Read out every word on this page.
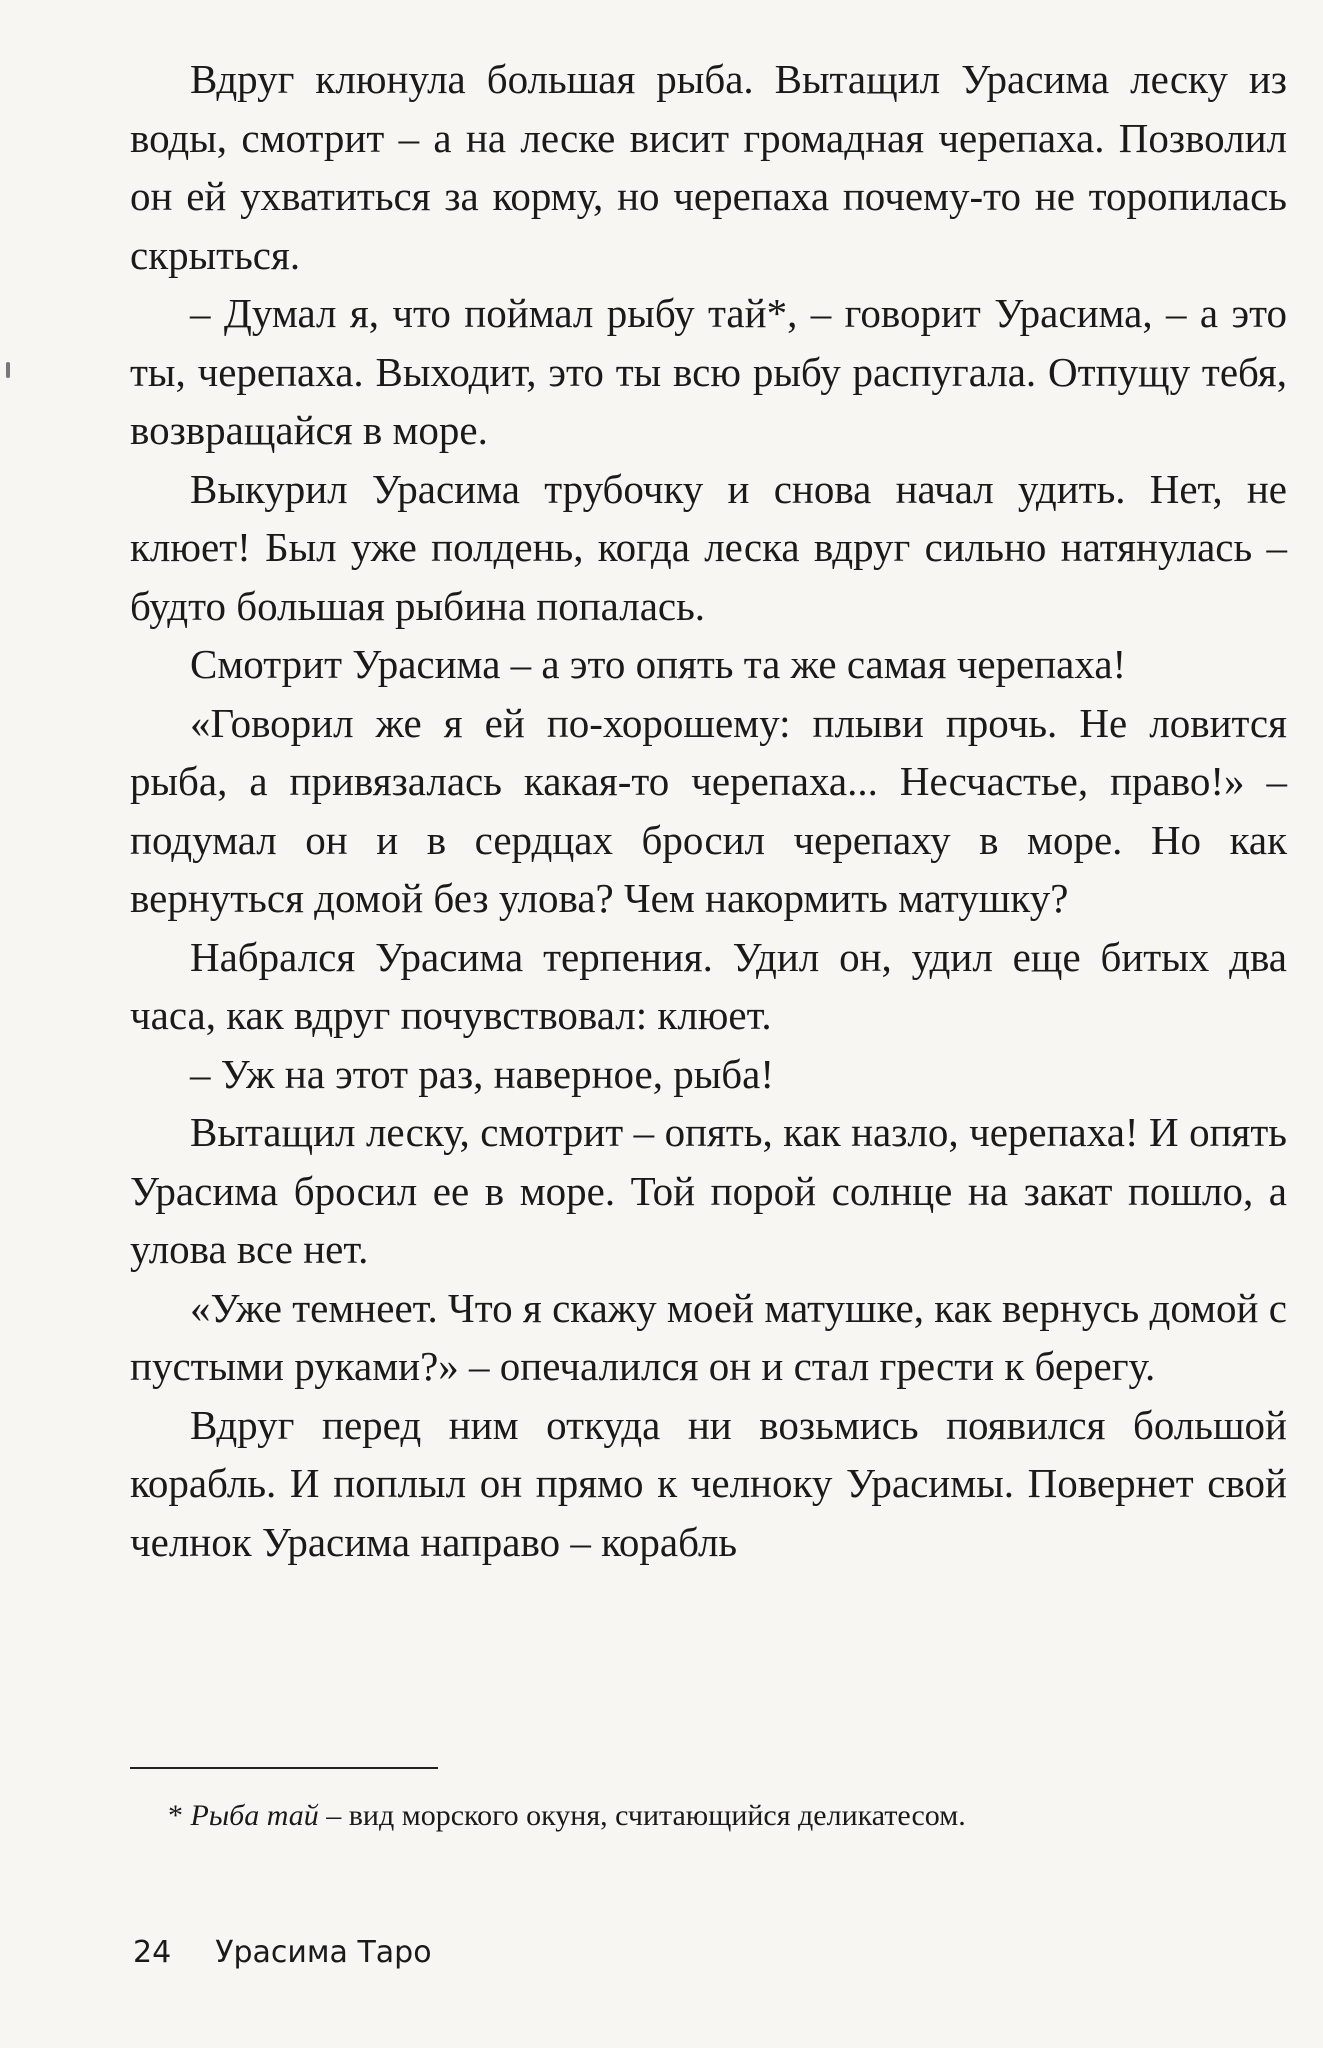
Вдруг клюнула большая рыба. Вытащил Урасима леску из воды, смотрит – а на леске висит громадная черепаха. Позволил он ей ухватиться за корму, но черепаха почему-то не торопилась скрыться.

– Думал я, что поймал рыбу тай*, – говорит Урасима, – а это ты, черепаха. Выходит, это ты всю рыбу распугала. Отпущу тебя, возвращайся в море.

Выкурил Урасима трубочку и снова начал удить. Нет, не клюет! Был уже полдень, когда леска вдруг сильно натянулась – будто большая рыбина попалась.

Смотрит Урасима – а это опять та же самая черепаха!

«Говорил же я ей по-хорошему: плыви прочь. Не ловится рыба, а привязалась какая-то черепаха... Несчастье, право!» – подумал он и в сердцах бросил черепаху в море. Но как вернуться домой без улова? Чем накормить матушку?

Набрался Урасима терпения. Удил он, удил еще битых два часа, как вдруг почувствовал: клюет.

– Уж на этот раз, наверное, рыба!

Вытащил леску, смотрит – опять, как назло, черепаха! И опять Урасима бросил ее в море. Той порой солнце на закат пошло, а улова все нет.

«Уже темнеет. Что я скажу моей матушке, как вернусь домой с пустыми руками?» – опечалился он и стал грести к берегу.

Вдруг перед ним откуда ни возьмись появился большой корабль. И поплыл он прямо к челноку Урасимы. Повернет свой челнок Урасима направо – корабль

* Рыба тай – вид морского окуня, считающийся деликатесом.
24 Урасима Таро
